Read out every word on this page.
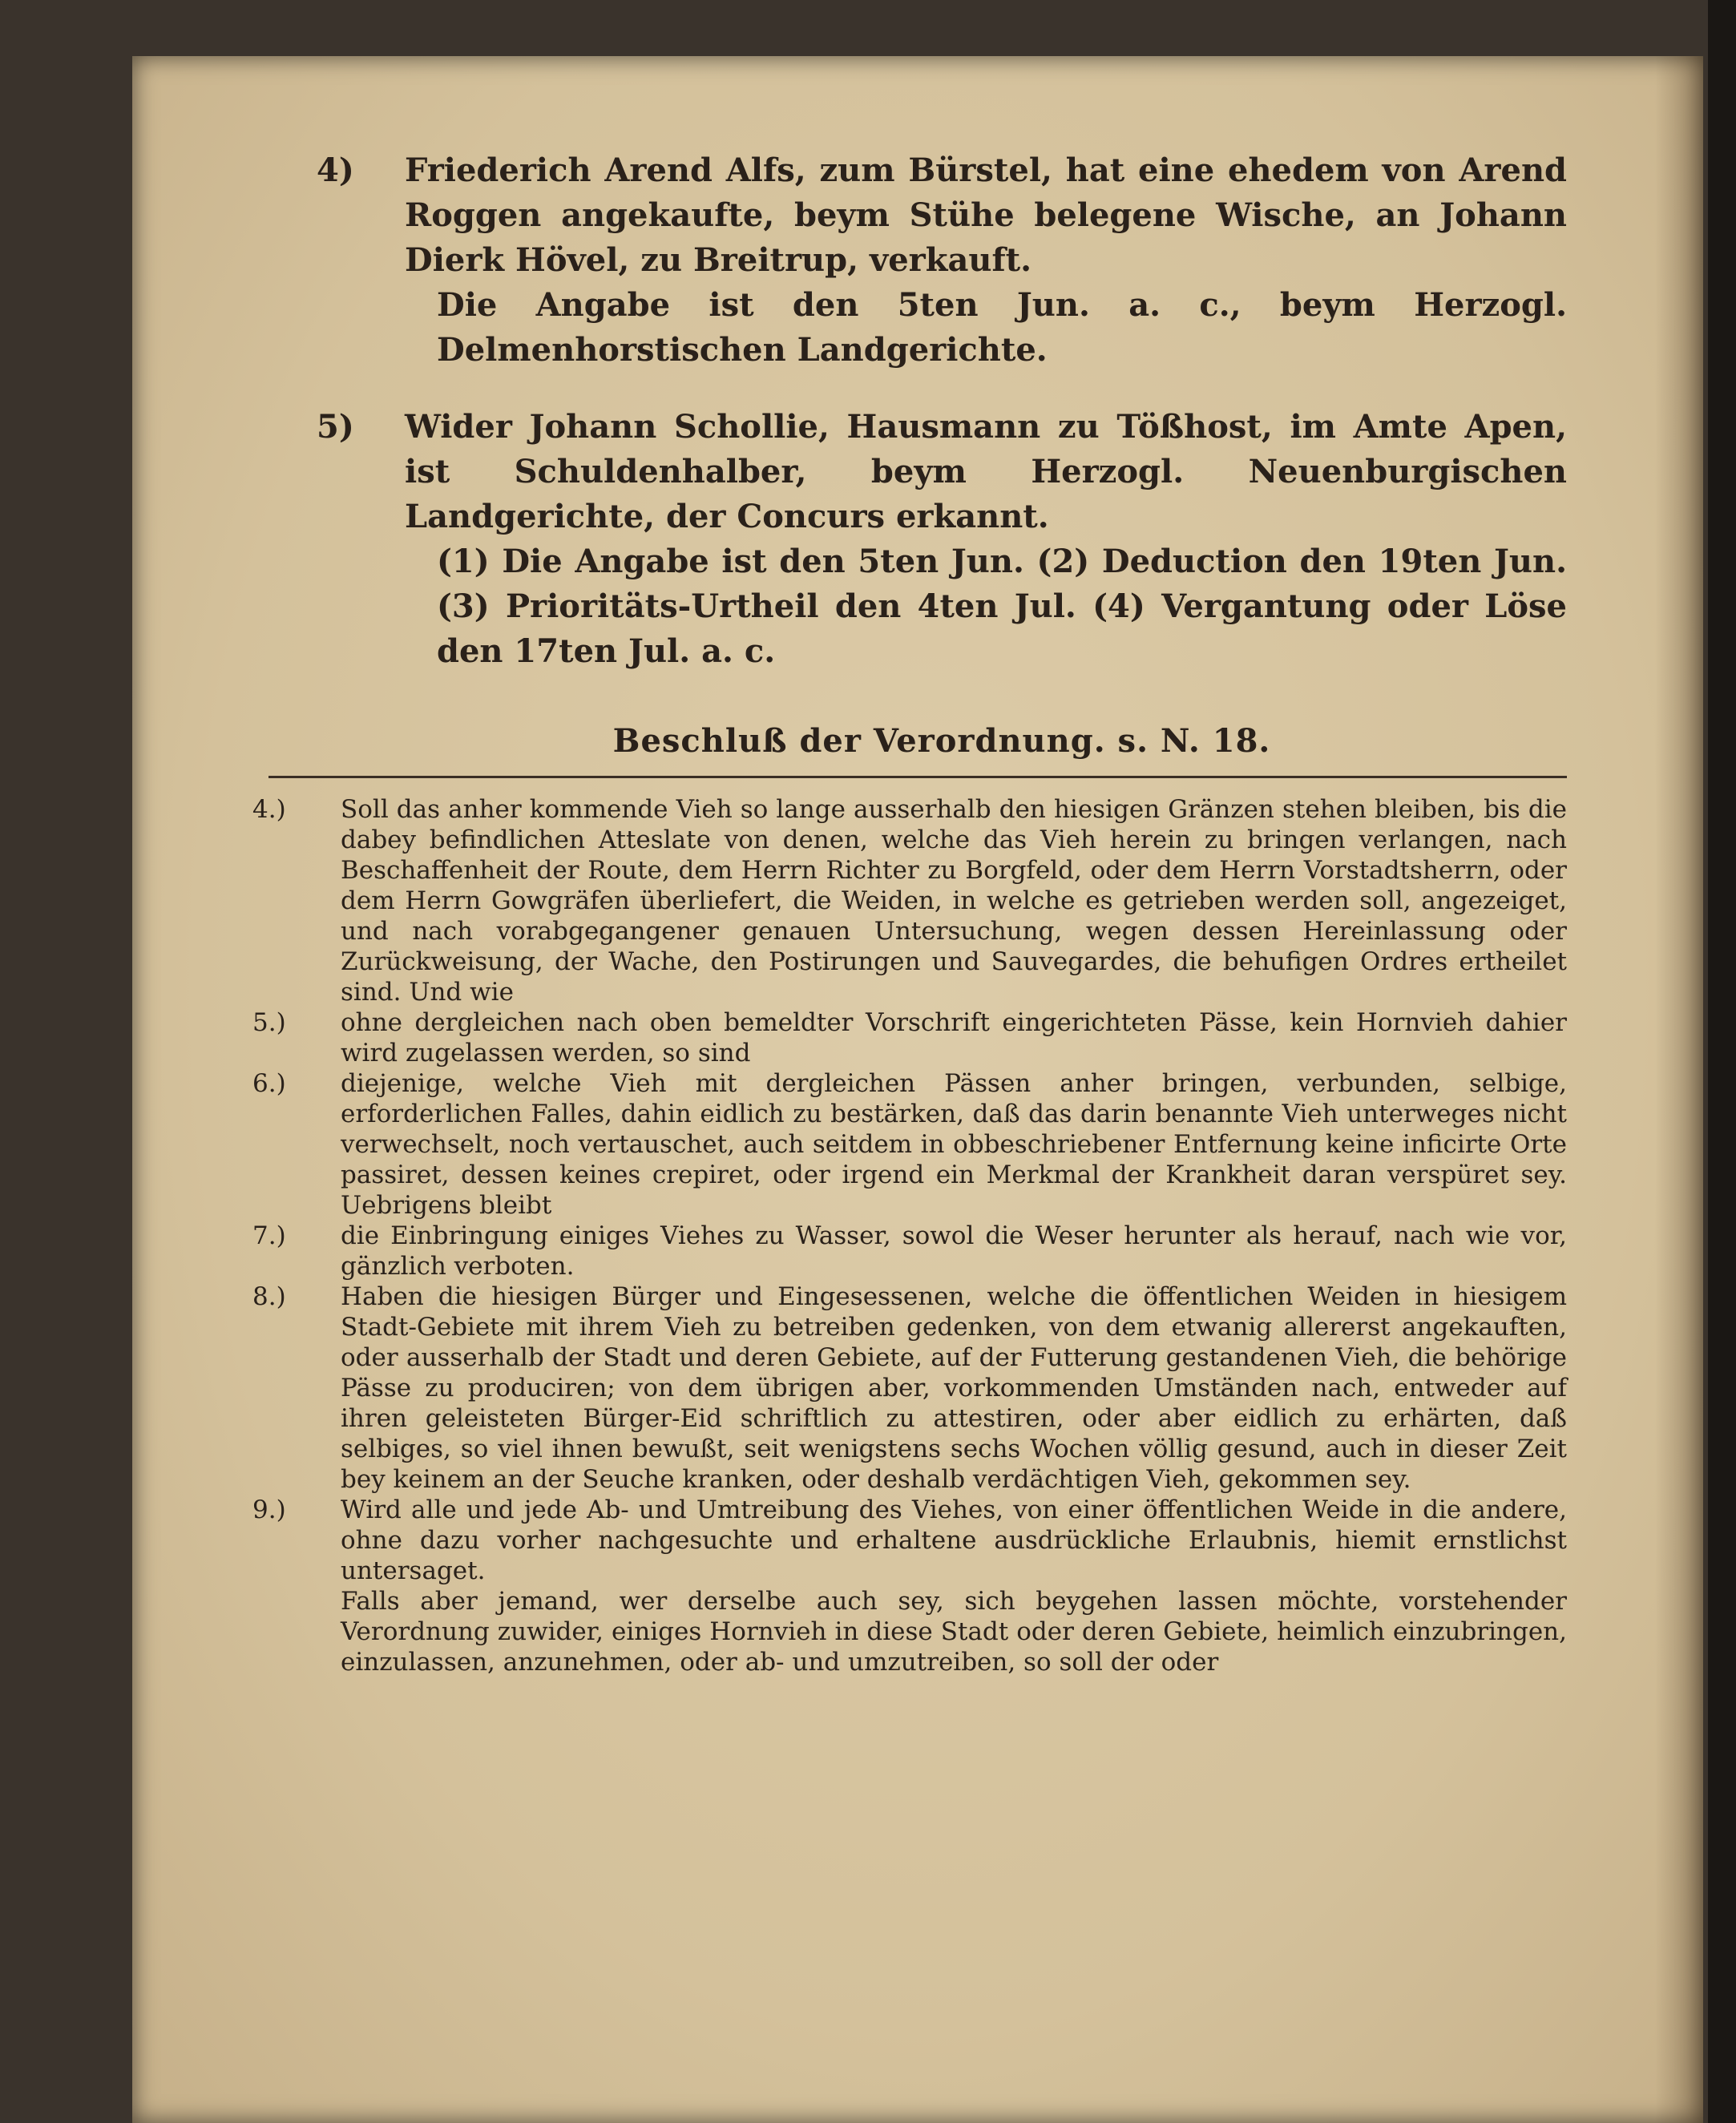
4) Friederich Arend Alfs, zum Bürstel, hat eine ehedem von Arend Roggen angekaufte, beym Stühe belegene Wische, an Johann Dierk Hövel, zu Breitrup, verkauft.
Die Angabe ist den 5ten Jun. a. c., beym Herzogl. Delmenhorstischen Landgerichte.
5) Wider Johann Schollie, Hausmann zu Tößhost, im Amte Apen, ist Schuldenhalber, beym Herzogl. Neuenburgischen Landgerichte, der Concurs erkannt.
(1) Die Angabe ist den 5ten Jun. (2) Deduction den 19ten Jun. (3) Prioritäts-Urtheil den 4ten Jul. (4) Vergantung oder Löse den 17ten Jul. a. c.
Beschluß der Verordnung. s. N. 18.
4.) Soll das anher kommende Vieh so lange ausserhalb den hiesigen Gränzen stehen bleiben, bis die dabey befindlichen Atteslate von denen, welche das Vieh herein zu bringen verlangen, nach Beschaffenheit der Route, dem Herrn Richter zu Borgfeld, oder dem Herrn Vorstadtsherrn, oder dem Herrn Gowgräfen überliefert, die Weiden, in welche es getrieben werden soll, angezeiget, und nach vorabgegangener genauen Untersuchung, wegen dessen Hereinlassung oder Zurückweisung, der Wache, den Postirungen und Sauvegardes, die behufigen Ordres ertheilet sind. Und wie
5.) ohne dergleichen nach oben bemeldter Vorschrift eingerichteten Pässe, kein Hornvieh dahier wird zugelassen werden, so sind
6.) diejenige, welche Vieh mit dergleichen Pässen anher bringen, verbunden, selbige, erforderlichen Falles, dahin eidlich zu bestärken, daß das darin benannte Vieh unterweges nicht verwechselt, noch vertauschet, auch seitdem in obbeschriebener Entfernung keine inficirte Orte passiret, dessen keines crepiret, oder irgend ein Merkmal der Krankheit daran verspüret sey. Uebrigens bleibt
7.) die Einbringung einiges Viehes zu Wasser, sowol die Weser herunter als herauf, nach wie vor, gänzlich verboten.
8.) Haben die hiesigen Bürger und Eingesessenen, welche die öffentlichen Weiden in hiesigem Stadt-Gebiete mit ihrem Vieh zu betreiben gedenken, von dem etwanig allererst angekauften, oder ausserhalb der Stadt und deren Gebiete, auf der Futterung gestandenen Vieh, die behörige Pässe zu produciren; von dem übrigen aber, vorkommenden Umständen nach, entweder auf ihren geleisteten Bürger-Eid schriftlich zu attestiren, oder aber eidlich zu erhärten, daß selbiges, so viel ihnen bewußt, seit wenigstens sechs Wochen völlig gesund, auch in dieser Zeit bey keinem an der Seuche kranken, oder deshalb verdächtigen Vieh, gekommen sey.
9.) Wird alle und jede Ab- und Umtreibung des Viehes, von einer öffentlichen Weide in die andere, ohne dazu vorher nachgesuchte und erhaltene ausdrückliche Erlaubnis, hiemit ernstlichst untersaget.
Falls aber jemand, wer derselbe auch sey, sich beygehen lassen möchte, vorstehender Verordnung zuwider, einiges Hornvieh in diese Stadt oder deren Gebiete, heimlich einzubringen, einzulassen, anzunehmen, oder ab- und umzutreiben, so soll der oder
